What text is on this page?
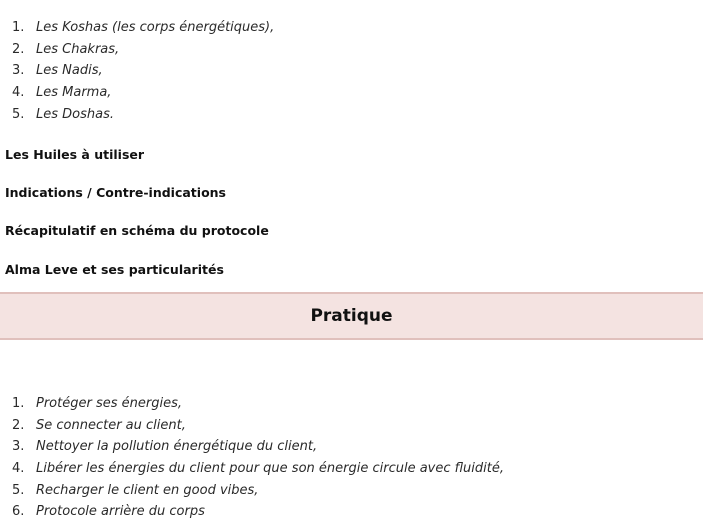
1. Les Koshas (les corps énergétiques),
2. Les Chakras,
3. Les Nadis,
4. Les Marma,
5. Les Doshas.
Les Huiles à utiliser
Indications / Contre-indications
Récapitulatif en schéma du protocole
Alma Leve et ses particularités
Pratique
1. Protéger ses énergies,
2. Se connecter au client,
3. Nettoyer la pollution énergétique du client,
4. Libérer les énergies du client pour que son énergie circule avec fluidité,
5. Recharger le client en good vibes,
6. Protocole arrière du corps
